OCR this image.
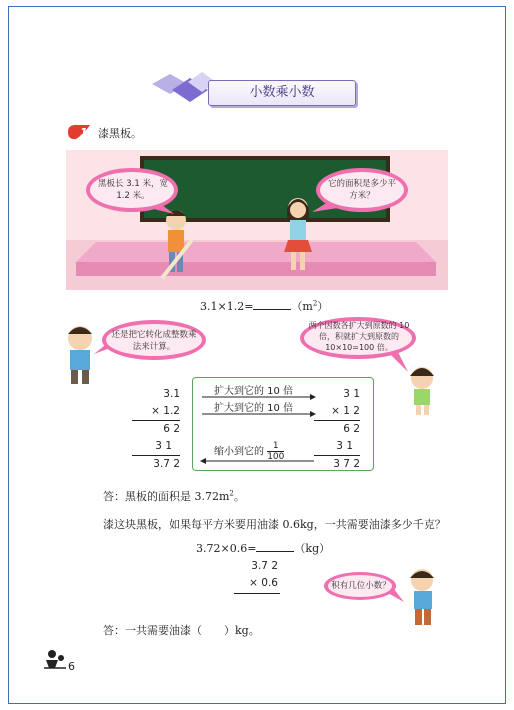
小数乘小数
1 漆黑板。
黑板长 3.1 米，宽 1.2 米。
它的面积是多少平方米？
3.1×1.2=	$(m^2)$
还是把它转化成整数乘法来计算。
两个因数各扩大到原数的 10 倍，积就扩大到原数的 10×10=100 倍。
3.1
× 1.2
6 2
3 1
3.7 2
扩大到它的 10 倍
扩大到它的 10 倍
缩小到它的 $\frac{1}{100}$
3 1
× 1 2
6 2
3 1
3 7 2
答：黑板的面积是 $3.72m^2$。
漆这块黑板，如果每平方米要用油漆 0.6kg，一共需要油漆多少千克？
3.72×0.6=	（kg）
3.7 2
× 0.6	积有几位小数？
答：一共需要油漆（ ）kg。
6
